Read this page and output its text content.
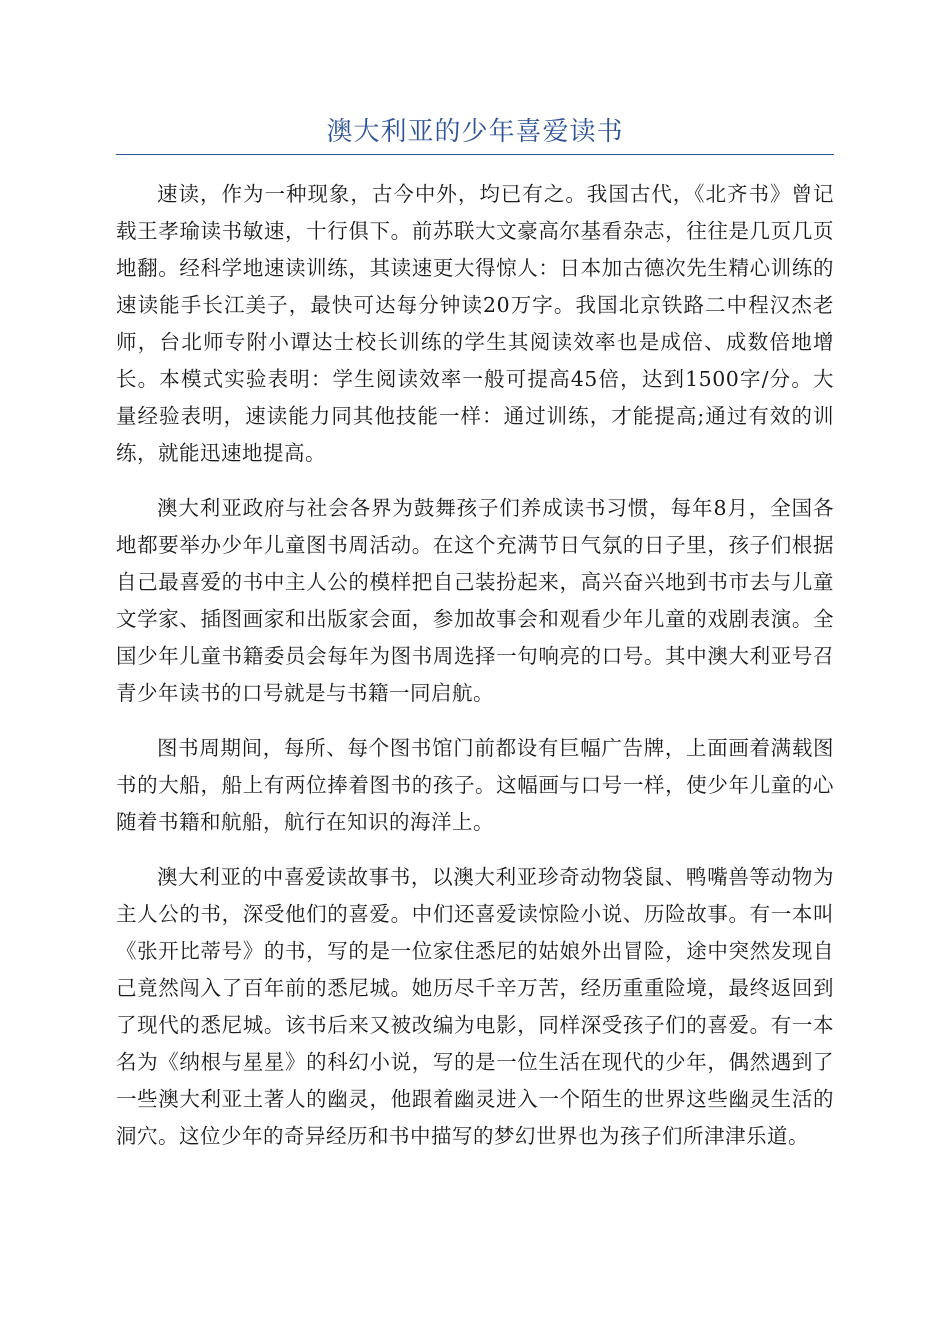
澳大利亚的少年喜爱读书

速读，作为一种现象，古今中外，均已有之。我国古代，《北齐书》曾记载王孝瑜读书敏速，十行俱下。前苏联大文豪高尔基看杂志，往往是几页几页地翻。经科学地速读训练，其读速更大得惊人：日本加古德次先生精心训练的速读能手长江美子，最快可达每分钟读20万字。我国北京铁路二中程汉杰老师，台北师专附小谭达士校长训练的学生其阅读效率也是成倍、成数倍地增长。本模式实验表明：学生阅读效率一般可提高45倍，达到1500字/分。大量经验表明，速读能力同其他技能一样：通过训练，才能提高;通过有效的训练，就能迅速地提高。

澳大利亚政府与社会各界为鼓舞孩子们养成读书习惯，每年8月，全国各地都要举办少年儿童图书周活动。在这个充满节日气氛的日子里，孩子们根据自己最喜爱的书中主人公的模样把自己装扮起来，高兴奋兴地到书市去与儿童文学家、插图画家和出版家会面，参加故事会和观看少年儿童的戏剧表演。全国少年儿童书籍委员会每年为图书周选择一句响亮的口号。其中澳大利亚号召青少年读书的口号就是与书籍一同启航。

图书周期间，每所、每个图书馆门前都设有巨幅广告牌，上面画着满载图书的大船，船上有两位捧着图书的孩子。这幅画与口号一样，使少年儿童的心随着书籍和航船，航行在知识的海洋上。

澳大利亚的中喜爱读故事书，以澳大利亚珍奇动物袋鼠、鸭嘴兽等动物为主人公的书，深受他们的喜爱。中们还喜爱读惊险小说、历险故事。有一本叫《张开比蒂号》的书，写的是一位家住悉尼的姑娘外出冒险，途中突然发现自己竟然闯入了百年前的悉尼城。她历尽千辛万苦，经历重重险境，最终返回到了现代的悉尼城。该书后来又被改编为电影，同样深受孩子们的喜爱。有一本名为《纳根与星星》的科幻小说，写的是一位生活在现代的少年，偶然遇到了一些澳大利亚土著人的幽灵，他跟着幽灵进入一个陌生的世界这些幽灵生活的洞穴。这位少年的奇异经历和书中描写的梦幻世界也为孩子们所津津乐道。
